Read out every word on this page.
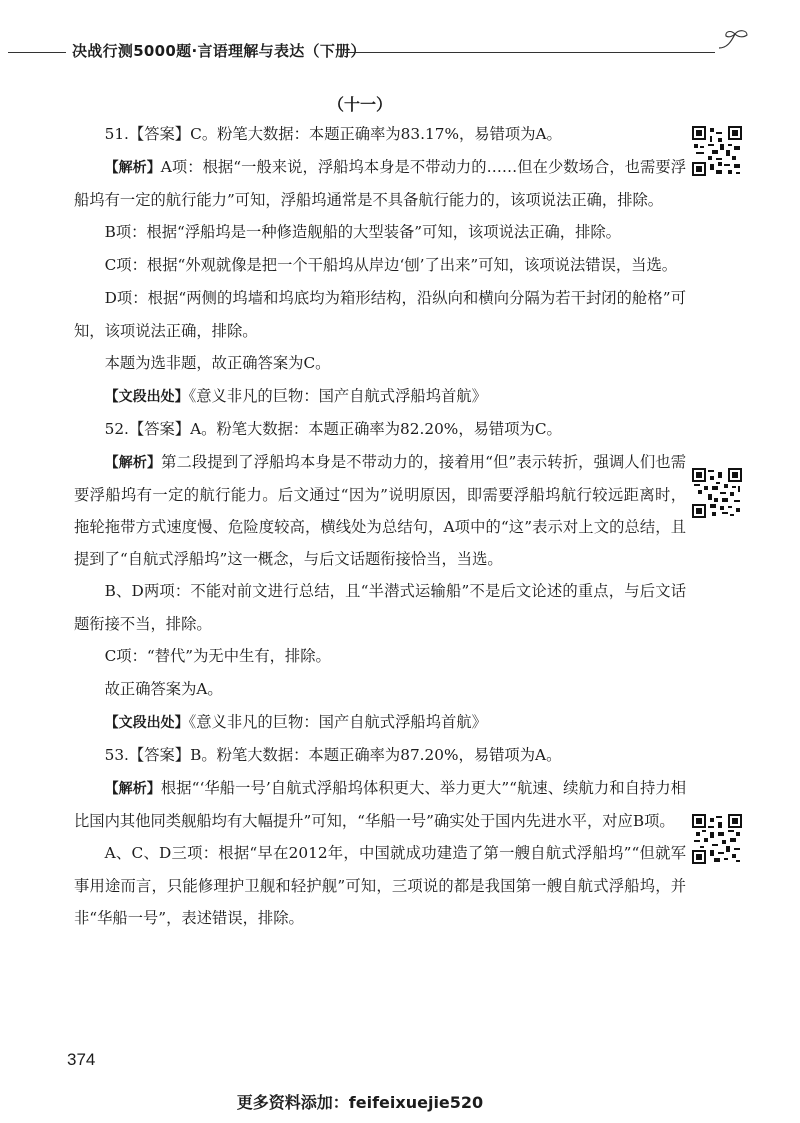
决战行测5000题·言语理解与表达（下册）
（十一）

51.【答案】C。粉笔大数据：本题正确率为83.17%，易错项为A。

【解析】A项：根据“一般来说，浮船坞本身是不带动力的……但在少数场合，也需要浮船坞有一定的航行能力”可知，浮船坞通常是不具备航行能力的，该项说法正确，排除。

B项：根据“浮船坞是一种修造舰船的大型装备”可知，该项说法正确，排除。

C项：根据“外观就像是把一个干船坞从岸边‘刨’了出来”可知，该项说法错误，当选。

D项：根据“两侧的坞墙和坞底均为箱形结构，沿纵向和横向分隔为若干封闭的舱格”可知，该项说法正确，排除。

本题为选非题，故正确答案为C。

【文段出处】《意义非凡的巨物：国产自航式浮船坞首航》

52.【答案】A。粉笔大数据：本题正确率为82.20%，易错项为C。

【解析】第二段提到了浮船坞本身是不带动力的，接着用“但”表示转折，强调人们也需要浮船坞有一定的航行能力。后文通过“因为”说明原因，即需要浮船坞航行较远距离时，拖轮拖带方式速度慢、危险度较高，横线处为总结句，A项中的“这”表示对上文的总结，且提到了“自航式浮船坞”这一概念，与后文话题衔接恰当，当选。

B、D两项：不能对前文进行总结，且“半潜式运输船”不是后文论述的重点，与后文话题衔接不当，排除。

C项：“替代”为无中生有，排除。

故正确答案为A。

【文段出处】《意义非凡的巨物：国产自航式浮船坞首航》

53.【答案】B。粉笔大数据：本题正确率为87.20%，易错项为A。

【解析】根据“‘华船一号’自航式浮船坞体积更大、举力更大”“航速、续航力和自持力相比国内其他同类舰船均有大幅提升”可知，“华船一号”确实处于国内先进水平，对应B项。

A、C、D三项：根据“早在2012年，中国就成功建造了第一艘自航式浮船坞”“但就军事用途而言，只能修理护卫舰和轻护舰”可知，三项说的都是我国第一艘自航式浮船坞，并非“华船一号”，表述错误，排除。

374
更多资料添加：feifeixuejie520
